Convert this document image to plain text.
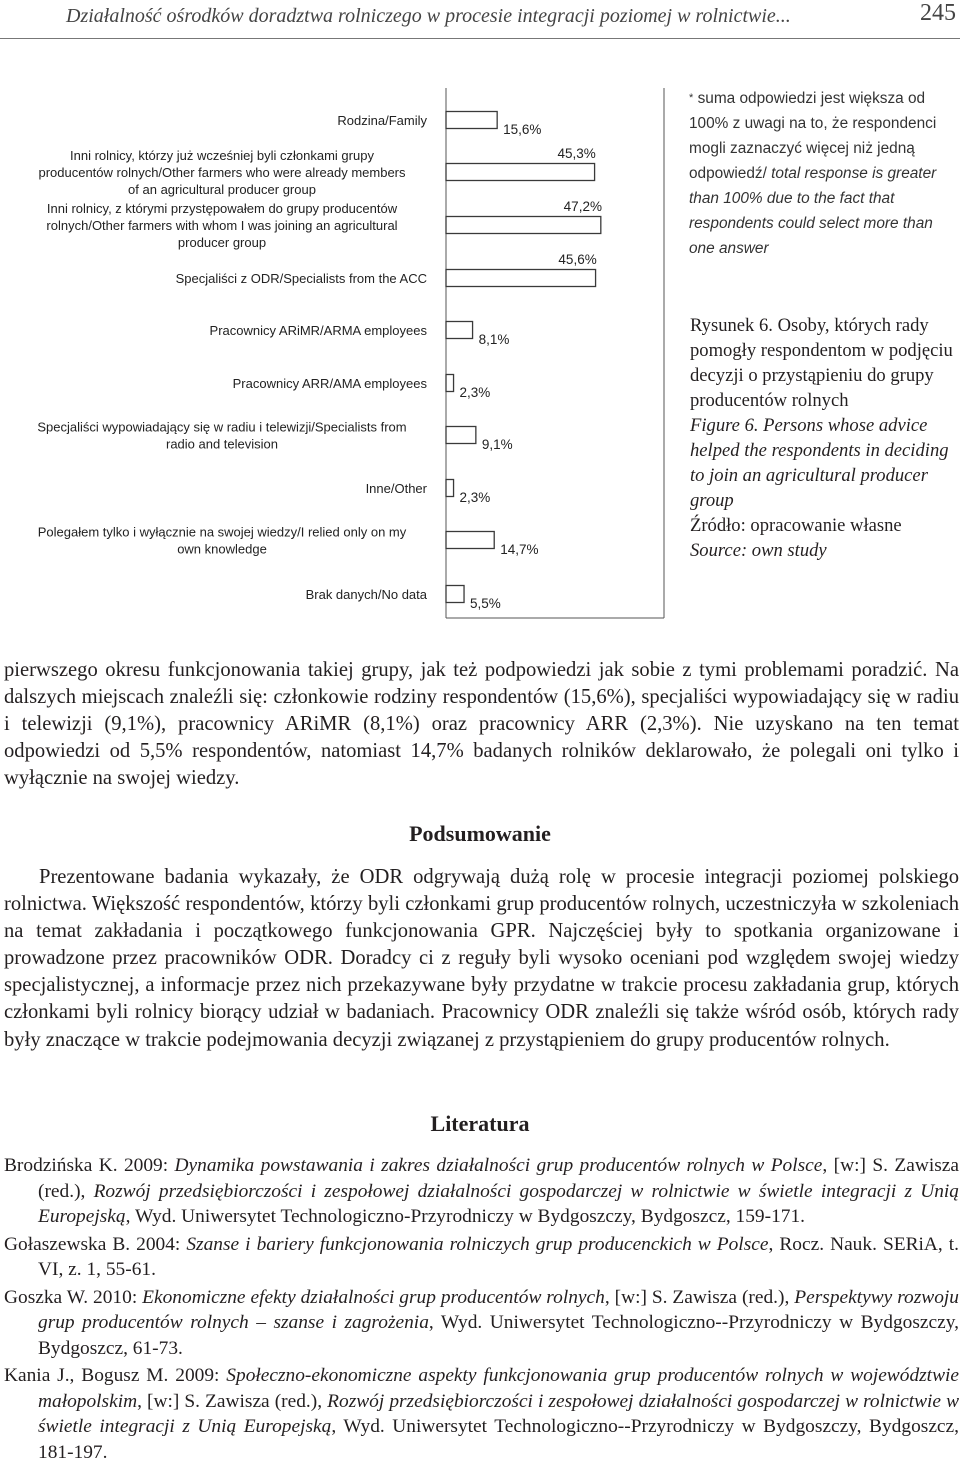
Działalność ośrodków doradztwa rolniczego w procesie integracji poziomej w rolnictwie...	245
15,6%
Rodzina/Family
45,3%
Inni rolnicy, którzy już wcześniej byli członkami grupy producentów rolnych/Other farmers who were already members of an agricultural producer group
47,2%
Inni rolnicy, z którymi przystępowałem do grupy producentów rolnych/Other farmers with whom I was joining an agricultural producer group
45,6%
Specjaliści z ODR/Specialists from the ACC
8,1%
Pracownicy ARiMR/ARMA employees
2,3%
Pracownicy ARR/AMA employees
9,1%
Specjaliści wypowiadający się w radiu i telewizji/Specialists from radio and television
2,3%
Inne/Other
14,7%
Polegałem tylko i wyłącznie na swojej wiedzy/I relied only on my own knowledge
5,5%
Brak danych/No data
* suma odpowiedzi jest większa od 100% z uwagi na to, że respondenci mogli zaznaczyć więcej niż jedną odpowiedź/ total response is greater than 100% due to the fact that respondents could select more than one answer
Rysunek 6. Osoby, których rady pomogły respondentom w podjęciu decyzji o przystąpieniu do grupy producentów rolnych
Figure 6. Persons whose advice helped the respondents in deciding to join an agricultural producer group
Źródło: opracowanie własne
Source: own study

pierwszego okresu funkcjonowania takiej grupy, jak też podpowiedzi jak sobie z tymi problemami poradzić. Na dalszych miejscach znaleźli się: członkowie rodziny respondentów (15,6%), specjaliści wypowiadający się w radiu i telewizji (9,1%), pracownicy ARiMR (8,1%) oraz pracownicy ARR (2,3%). Nie uzyskano na ten temat odpowiedzi od 5,5% respondentów, natomiast 14,7% badanych rolników deklarowało, że polegali oni tylko i wyłącznie na swojej wiedzy.

Podsumowanie

Prezentowane badania wykazały, że ODR odgrywają dużą rolę w procesie integracji poziomej polskiego rolnictwa. Większość respondentów, którzy byli członkami grup producentów rolnych, uczestniczyła w szkoleniach na temat zakładania i początkowego funkcjonowania GPR. Najczęściej były to spotkania organizowane i prowadzone przez pracowników ODR. Doradcy ci z reguły byli wysoko oceniani pod względem swojej wiedzy specjalistycznej, a informacje przez nich przekazywane były przydatne w trakcie procesu zakładania grup, których członkami byli rolnicy biorący udział w badaniach. Pracownicy ODR znaleźli się także wśród osób, których rady były znaczące w trakcie podejmowania decyzji związanej z przystąpieniem do grupy producentów rolnych.

Literatura

Brodzińska K. 2009: Dynamika powstawania i zakres działalności grup producentów rolnych w Polsce, [w:] S. Zawisza (red.), Rozwój przedsiębiorczości i zespołowej działalności gospodarczej w rolnictwie w świetle integracji z Unią Europejską, Wyd. Uniwersytet Technologiczno-Przyrodniczy w Bydgoszczy, Bydgoszcz, 159-171.

Gołaszewska B. 2004: Szanse i bariery funkcjonowania rolniczych grup producenckich w Polsce, Rocz. Nauk. SERiA, t. VI, z. 1, 55-61.

Goszka W. 2010: Ekonomiczne efekty działalności grup producentów rolnych, [w:] S. Zawisza (red.), Perspektywy rozwoju grup producentów rolnych – szanse i zagrożenia, Wyd. Uniwersytet Technologiczno--Przyrodniczy w Bydgoszczy, Bydgoszcz, 61-73.

Kania J., Bogusz M. 2009: Społeczno-ekonomiczne aspekty funkcjonowania grup producentów rolnych w województwie małopolskim, [w:] S. Zawisza (red.), Rozwój przedsiębiorczości i zespołowej działalności gospodarczej w rolnictwie w świetle integracji z Unią Europejską, Wyd. Uniwersytet Technologiczno--Przyrodniczy w Bydgoszczy, Bydgoszcz, 181-197.
